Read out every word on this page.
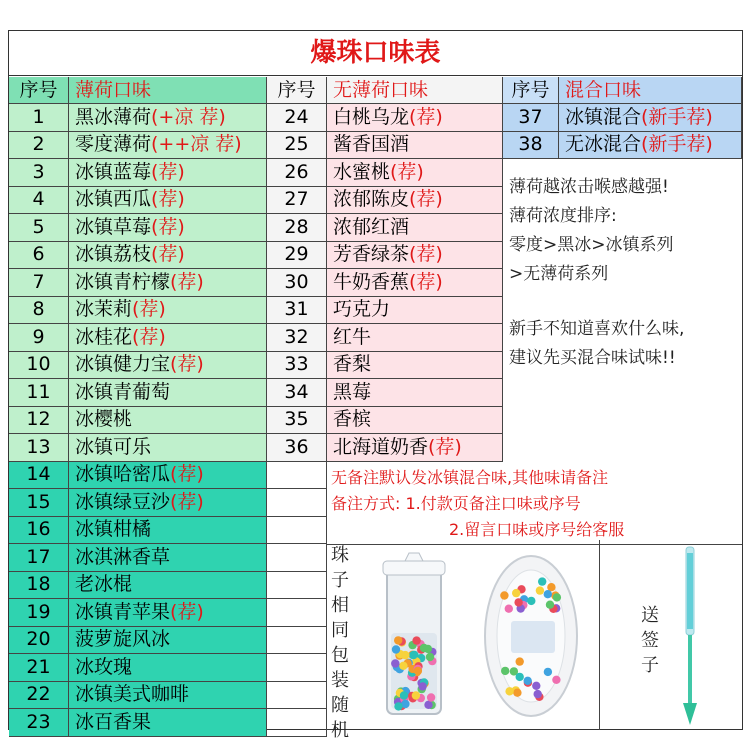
爆珠口味表
序号 薄荷口味	序号 无薄荷口味	序号 混合口味
1 黑冰薄荷 (+凉 荐)
2 零度薄荷 (++凉 荐)
3 冰镇蓝莓 (荐)
4 冰镇西瓜 (荐)
5 冰镇草莓 (荐)
6 冰镇荔枝 (荐)
7 冰镇青柠檬 (荐)
8 冰茉莉 (荐)
9 冰桂花 (荐)
10 冰镇健力宝 (荐)
11 冰镇青葡萄
12 冰樱桃
13 冰镇可乐
14 冰镇哈密瓜 (荐)
15 冰镇绿豆沙 (荐)
16 冰镇柑橘
17 冰淇淋香草
18 老冰棍
19 冰镇青苹果 (荐)
20 菠萝旋风冰
21 冰玫瑰
22 冰镇美式咖啡
23 冰百香果
24 白桃乌龙 (荐)
25 酱香国酒
26 水蜜桃 (荐)
27 浓郁陈皮 (荐)
28 浓郁红酒
29 芳香绿茶 (荐)
30 牛奶香蕉 (荐)
31 巧克力
32 红牛
33 香梨
34 黑莓
35 香槟
36 北海道奶香 (荐)
37 冰镇混合 (新手荐)
38 无冰混合 (新手荐)
薄荷越浓击喉感越强!
薄荷浓度排序:
零度>黑冰>冰镇系列
>无薄荷系列
新手不知道喜欢什么味,
建议先买混合味试味!!
无备注默认发冰镇混合味,其他味请备注
备注方式: 1.付款页备注口味或序号
2.留言口味或序号给客服
珠子相同包装随机
送签子
